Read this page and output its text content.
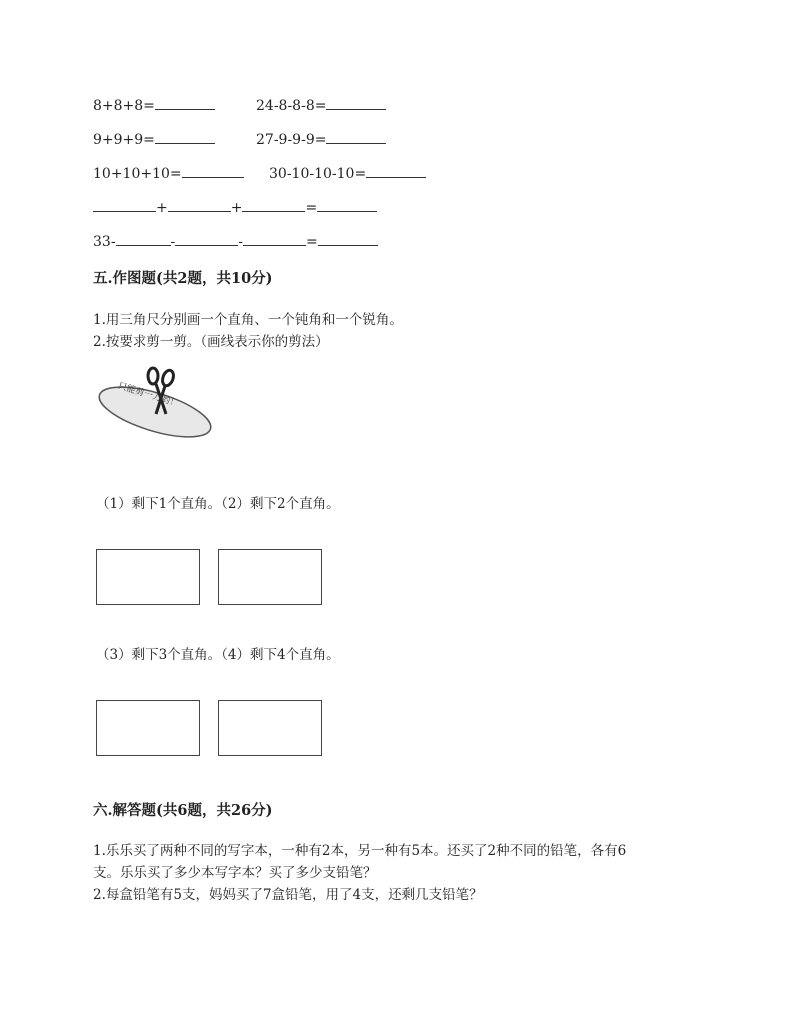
8+8+8=	24-8-8-8=
9+9+9=	27-9-9-9=
10+10+10=	30-10-10-10=
+	+	=
33-	-	-	=
五.作图题(共2题，共10分)
1.用三角尺分别画一个直角、一个钝角和一个锐角。
2.按要求剪一剪。（画线表示你的剪法）
只能剪一刀哟！
（1）剩下1个直角。（2）剩下2个直角。
（3）剩下3个直角。（4）剩下4个直角。
六.解答题(共6题，共26分)
1.乐乐买了两种不同的写字本，一种有2本，另一种有5本。还买了2种不同的铅笔，各有6
支。乐乐买了多少本写字本？买了多少支铅笔？
2.每盒铅笔有5支，妈妈买了7盒铅笔，用了4支，还剩几支铅笔？
